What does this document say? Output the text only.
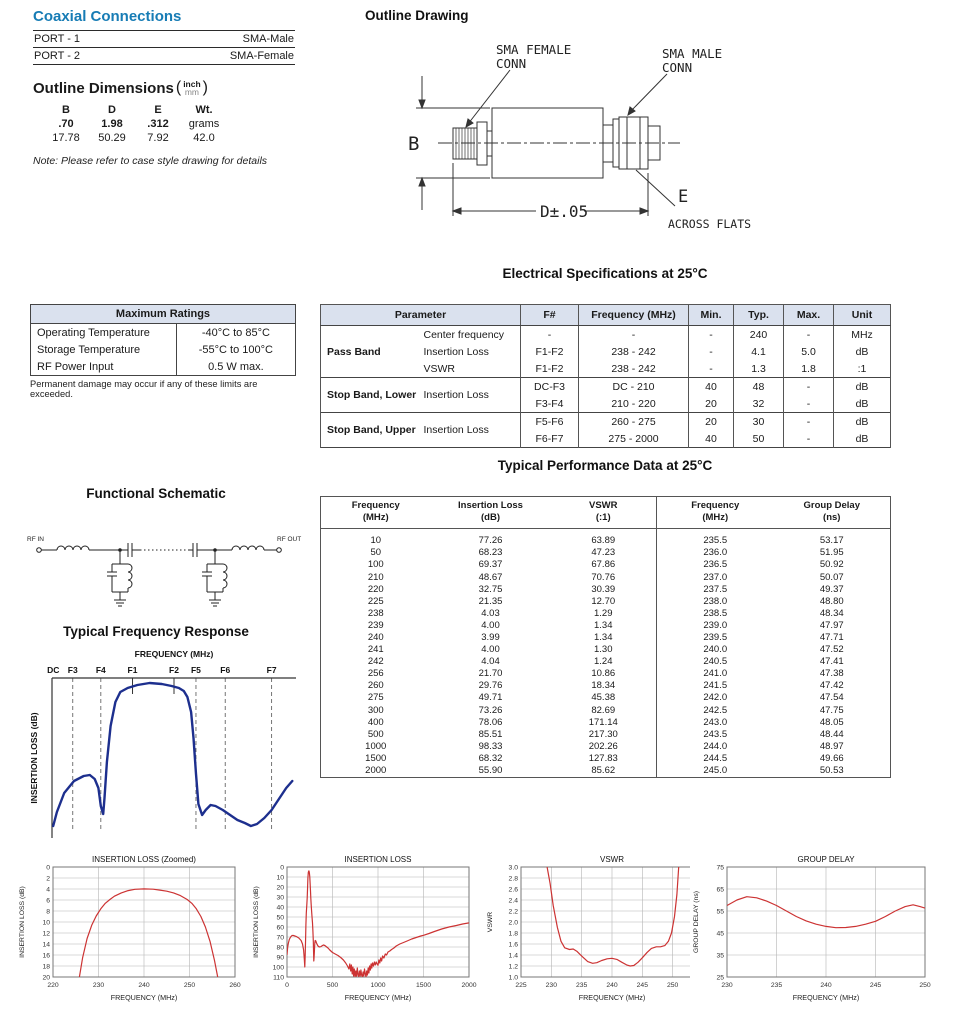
Coaxial Connections
PORT - 1	SMA-Male
PORT - 2	SMA-Female
Outline Dimensions ( inch
mm )
B	D	E	Wt.
.70	1.98	.312	grams
17.78	50.29	7.92	42.0
Note: Please refer to case style drawing for details
Outline Drawing
SMA FEMALE
CONN
SMA MALE
CONN
B
D±.05
E
ACROSS FLATS
Maximum Ratings	
Operating Temperature	-40°C to 85°C
Storage Temperature	-55°C to 100°C
RF Power Input	0.5 W max.
Permanent damage may occur if any of these limits are exceeded.
Electrical Specifications at 25°C
Parameter		F#	Frequency (MHz)	Min.	Typ.	Max.	Unit
Pass Band	Center frequency	-	-	-	240	-	MHz
	Insertion Loss	F1-F2	238 - 242	-	4.1	5.0	dB
	VSWR	F1-F2	238 - 242	-	1.3	1.8	:1
Stop Band, Lower	Insertion Loss	DC-F3	DC - 210	40	48	-	dB
		F3-F4	210 - 220	20	32	-	dB
Stop Band, Upper	Insertion Loss	F5-F6	260 - 275	20	30	-	dB
		F6-F7	275 - 2000	40	50	-	dB
Typical Performance Data at 25°C
Frequency
(MHz)

Insertion Loss
(dB)

VSWR
(:1)

Frequency
(MHz)

Group Delay
(ns)

10	77.26	63.89	235.5	53.17
50	68.23	47.23	236.0	51.95
100	69.37	67.86	236.5	50.92
210	48.67	70.76	237.0	50.07
220	32.75	30.39	237.5	49.37
225	21.35	12.70	238.0	48.80
238	4.03	1.29	238.5	48.34
239	4.00	1.34	239.0	47.97
240	3.99	1.34	239.5	47.71
241	4.00	1.30	240.0	47.52
242	4.04	1.24	240.5	47.41
256	21.70	10.86	241.0	47.38
260	29.76	18.34	241.5	47.42
275	49.71	45.38	242.0	47.54
300	73.26	82.69	242.5	47.75
400	78.06	171.14	243.0	48.05
500	85.51	217.30	243.5	48.44
1000	98.33	202.26	244.0	48.97
1500	68.32	127.83	244.5	49.66
2000	55.90	85.62	245.0	50.53
Functional Schematic
RF IN	RF OUT
Typical Frequency Response
FREQUENCY (MHz)
DC F3 F4	F1	F2 F5 F6	F7
INSERTION LOSS (dB)
220	230	240	250	260
0
2
4
6
8
10
12
14
16
18
20
INSERTION LOSS (Zoomed)
FREQUENCY (MHz)
INSERTION LOSS (dB)
0	500	1000	1500	2000
0
10
20
30
40
50
60
70
80
90
100
110
INSERTION LOSS
FREQUENCY (MHz)
INSERTION LOSS (dB)
225	230	235	240	245	250
1.0
1.2
1.4
1.6
1.8
2.0
2.2
2.4
2.6
2.8
3.0
VSWR
FREQUENCY (MHz)
VSWR
230	235	240	245	250
25
35
45
55
65
75
GROUP DELAY
FREQUENCY (MHz)
GROUP DELAY (ns)
